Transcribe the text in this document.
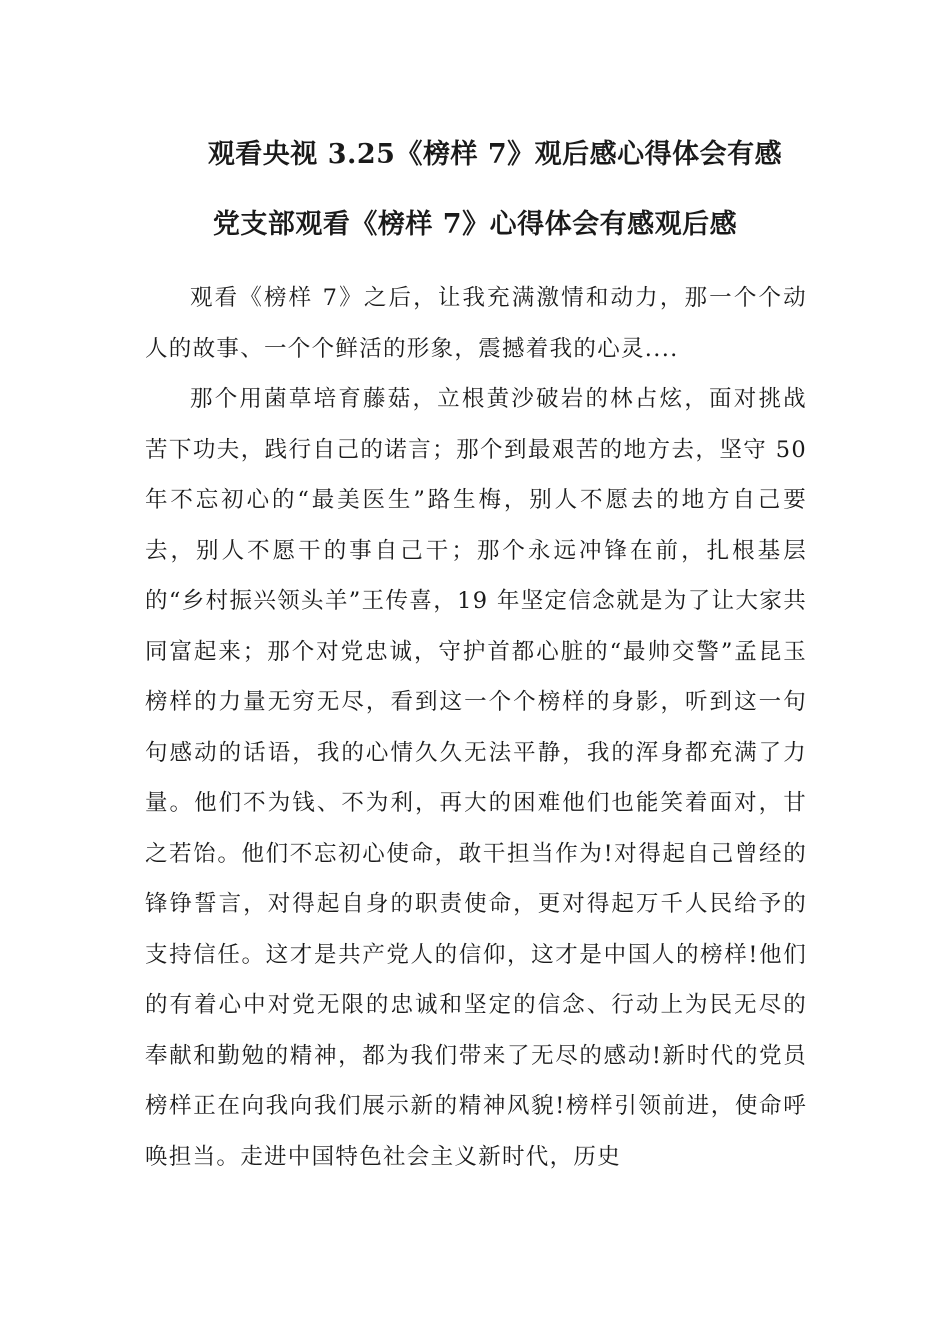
观看央视 3.25《榜样 7》观后感心得体会有感
党支部观看《榜样 7》心得体会有感观后感

观看《榜样 7》之后，让我充满激情和动力，那一个个动人的故事、一个个鲜活的形象，震撼着我的心灵....

那个用菌草培育藤菇，立根黄沙破岩的林占炫，面对挑战苦下功夫，践行自己的诺言；那个到最艰苦的地方去，坚守 50 年不忘初心的“最美医生”路生梅，别人不愿去的地方自己要去，别人不愿干的事自己干；那个永远冲锋在前，扎根基层的“乡村振兴领头羊”王传喜，19 年坚定信念就是为了让大家共同富起来；那个对党忠诚，守护首都心脏的“最帅交警”孟昆玉榜样的力量无穷无尽，看到这一个个榜样的身影，听到这一句句感动的话语，我的心情久久无法平静，我的浑身都充满了力量。他们不为钱、不为利，再大的困难他们也能笑着面对，甘之若饴。他们不忘初心使命，敢干担当作为!对得起自己曾经的锋铮誓言，对得起自身的职责使命，更对得起万千人民给予的支持信任。这才是共产党人的信仰，这才是中国人的榜样!他们的有着心中对党无限的忠诚和坚定的信念、行动上为民无尽的奉献和勤勉的精神，都为我们带来了无尽的感动!新时代的党员榜样正在向我向我们展示新的精神风貌!榜样引领前进，使命呼唤担当。走进中国特色社会主义新时代，历史
